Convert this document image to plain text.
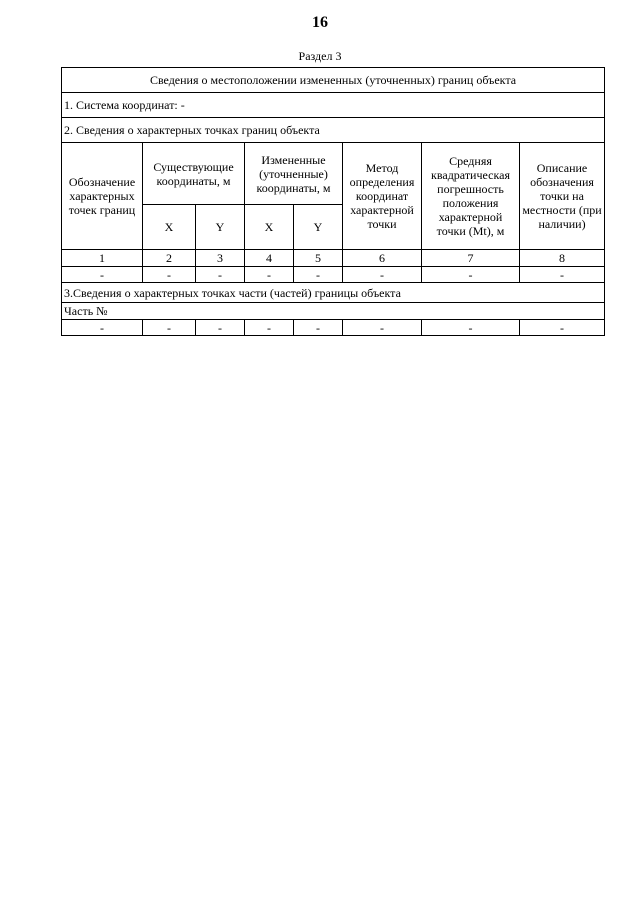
16
Раздел 3
Сведения о местоположении измененных (уточненных) границ объекта							
1. Система координат: -							
2. Сведения о характерных точках границ объекта							
Обозначение характерных точек границ	Существующие координаты, м		Измененные (уточненные) координаты, м		Метод определения координат характерной точки	Средняя квадратическая погрешность положения характерной точки (Mt), м	Описание обозначения точки на местности (при наличии)
	X	Y	X	Y			
1	2	3	4	5	6	7	8
-	-	-	-	-	-	-	-
3.Сведения о характерных точках части (частей) границы объекта							
Часть №							
-	-	-	-	-	-	-	-
